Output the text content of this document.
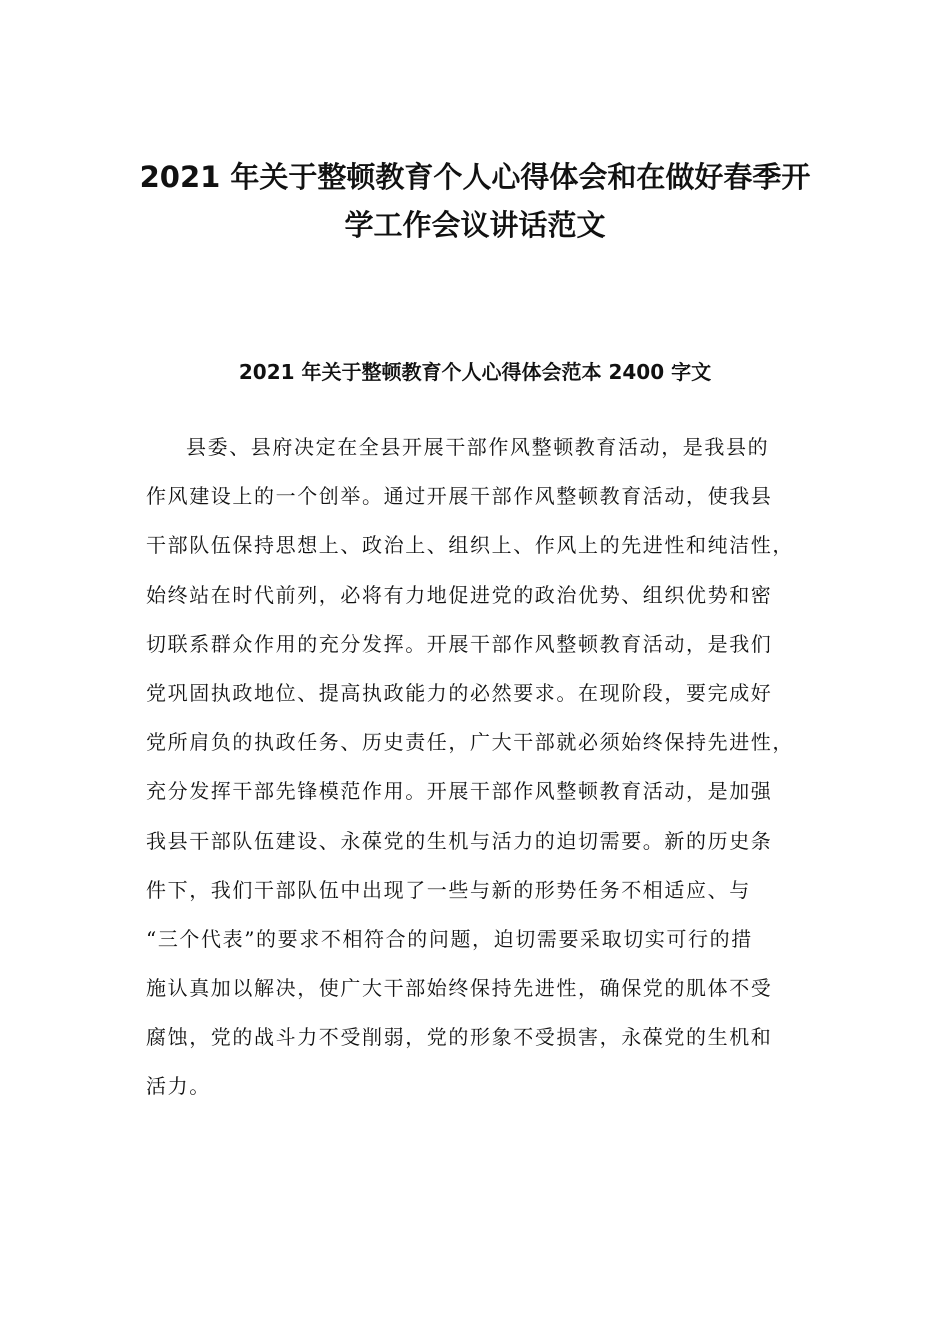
2021 年关于整顿教育个人心得体会和在做好春季开
学工作会议讲话范文
2021 年关于整顿教育个人心得体会范本 2400 字文
县委、县府决定在全县开展干部作风整顿教育活动，是我县的
作风建设上的一个创举。通过开展干部作风整顿教育活动，使我县
干部队伍保持思想上、政治上、组织上、作风上的先进性和纯洁性，
始终站在时代前列，必将有力地促进党的政治优势、组织优势和密
切联系群众作用的充分发挥。开展干部作风整顿教育活动，是我们
党巩固执政地位、提高执政能力的必然要求。在现阶段，要完成好
党所肩负的执政任务、历史责任，广大干部就必须始终保持先进性，
充分发挥干部先锋模范作用。开展干部作风整顿教育活动，是加强
我县干部队伍建设、永葆党的生机与活力的迫切需要。新的历史条
件下，我们干部队伍中出现了一些与新的形势任务不相适应、与
“三个代表”的要求不相符合的问题，迫切需要采取切实可行的措
施认真加以解决，使广大干部始终保持先进性，确保党的肌体不受
腐蚀，党的战斗力不受削弱，党的形象不受损害，永葆党的生机和
活力。
